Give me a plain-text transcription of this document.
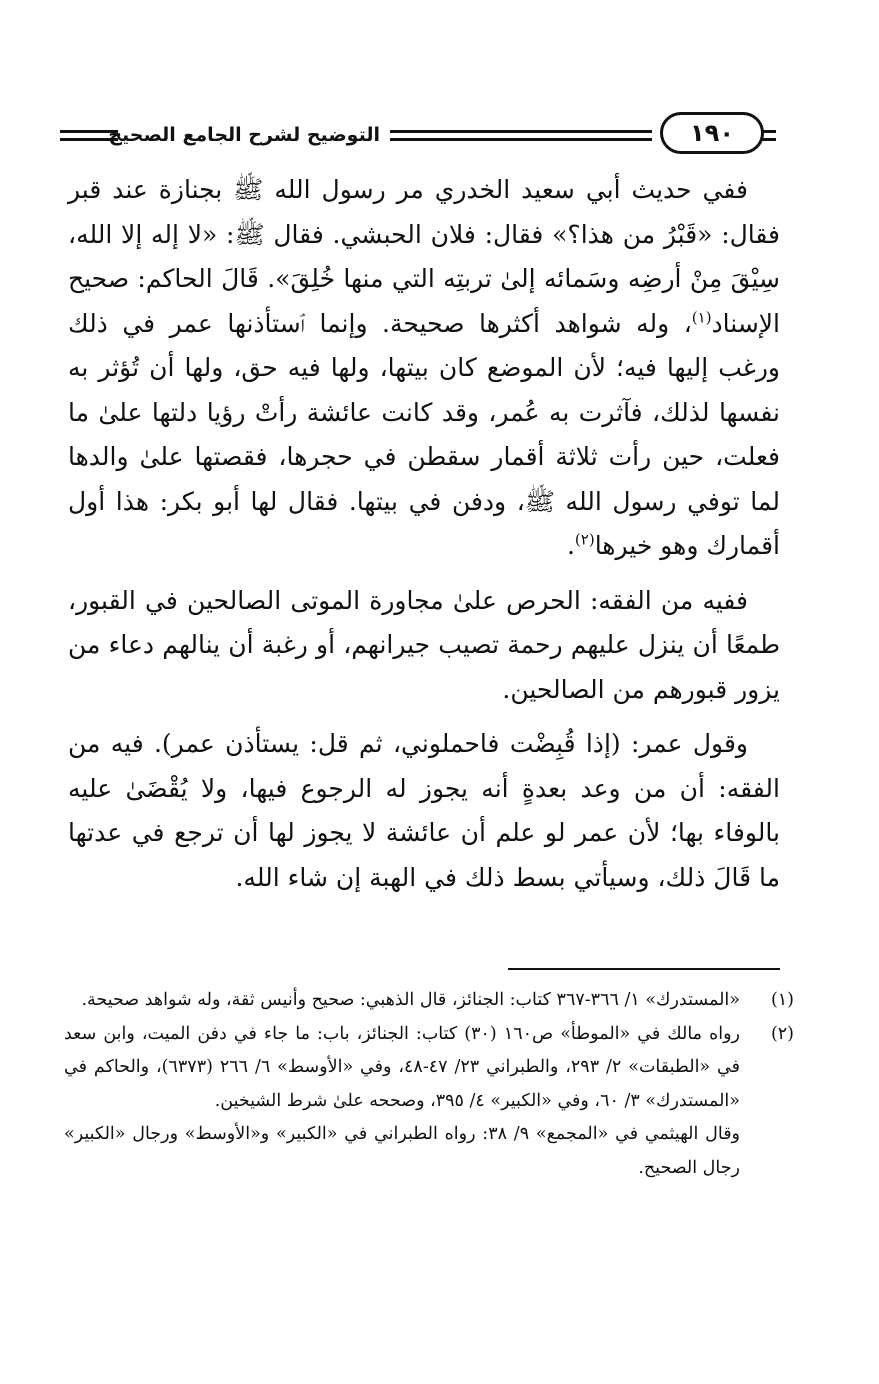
التوضيح لشرح الجامع الصحيح	١٩٠

ففي حديث أبي سعيد الخدري مر رسول الله ﷺ بجنازة عند قبر فقال: «قَبْرُ من هذا؟» فقال: فلان الحبشي. فقال ﷺ: «لا إله إلا الله، سِيْقَ مِنْ أرضِه وسَمائه إلىٰ تربتِه التي منها خُلِقَ». قَالَ الحاكم: صحيح الإسناد$^{(١)}$، وله شواهد أكثرها صحيحة. وإنما ٱستأذنها عمر في ذلك ورغب إليها فيه؛ لأن الموضع كان بيتها، ولها فيه حق، ولها أن تُؤثر به نفسها لذلك، فآثرت به عُمر، وقد كانت عائشة رأتْ رؤيا دلتها علىٰ ما فعلت، حين رأت ثلاثة أقمار سقطن في حجرها، فقصتها علىٰ والدها لما توفي رسول الله ﷺ، ودفن في بيتها. فقال لها أبو بكر: هذا أول أقمارك وهو خيرها$^{(٢)}$.

ففيه من الفقه: الحرص علىٰ مجاورة الموتى الصالحين في القبور، طمعًا أن ينزل عليهم رحمة تصيب جيرانهم، أو رغبة أن ينالهم دعاء من يزور قبورهم من الصالحين.

وقول عمر: (إذا قُبِضْت فاحملوني، ثم قل: يستأذن عمر). فيه من الفقه: أن من وعد بعدةٍ أنه يجوز له الرجوع فيها، ولا يُقْضَىٰ عليه بالوفاء بها؛ لأن عمر لو علم أن عائشة لا يجوز لها أن ترجع في عدتها ما قَالَ ذلك، وسيأتي بسط ذلك في الهبة إن شاء الله.

(١)
«المستدرك» ١/ ٣٦٦-٣٦٧ كتاب: الجنائز، قال الذهبي: صحيح وأنيس ثقة، وله شواهد صحيحة.
(٢)
رواه مالك في «الموطأ» ص١٦٠ (٣٠) كتاب: الجنائز، باب: ما جاء في دفن الميت، وابن سعد في «الطبقات» ٢/ ٢٩٣، والطبراني ٢٣/ ٤٧-٤٨، وفي «الأوسط» ٦/ ٢٦٦ (٦٣٧٣)، والحاكم في «المستدرك» ٣/ ٦٠، وفي «الكبير» ٤/ ٣٩٥، وصححه علىٰ شرط الشيخين.
وقال الهيثمي في «المجمع» ٩/ ٣٨: رواه الطبراني في «الكبير» و«الأوسط» ورجال «الكبير» رجال الصحيح.
